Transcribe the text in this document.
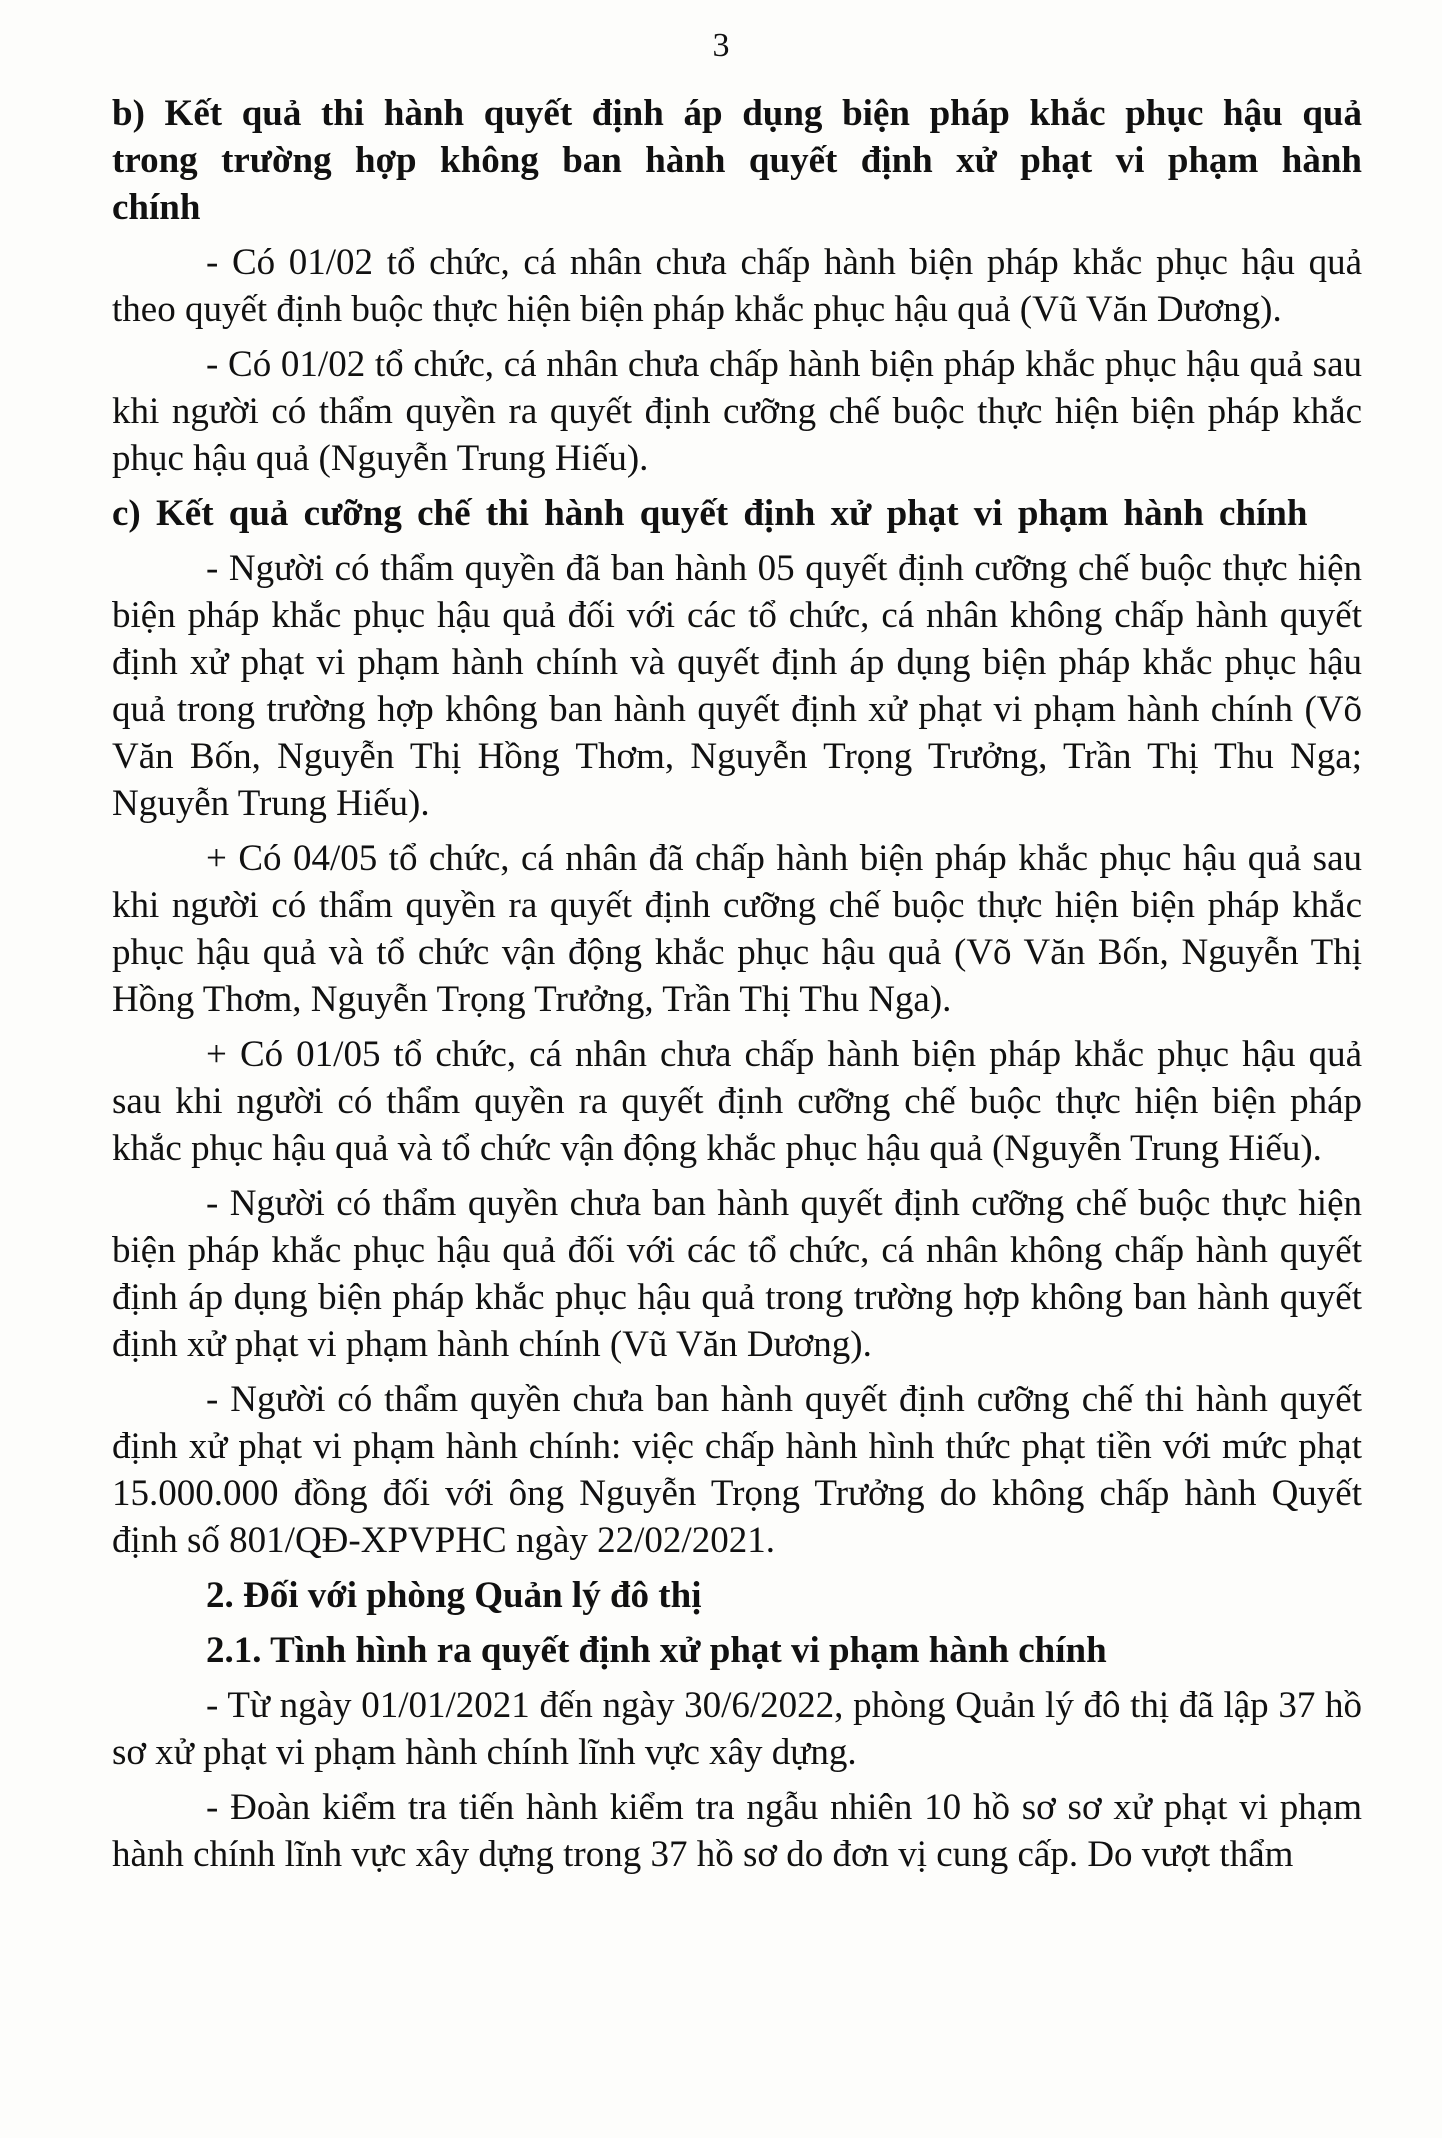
3

b) Kết quả thi hành quyết định áp dụng biện pháp khắc phục hậu quả trong trường hợp không ban hành quyết định xử phạt vi phạm hành chính

- Có 01/02 tổ chức, cá nhân chưa chấp hành biện pháp khắc phục hậu quả theo quyết định buộc thực hiện biện pháp khắc phục hậu quả (Vũ Văn Dương).

- Có 01/02 tổ chức, cá nhân chưa chấp hành biện pháp khắc phục hậu quả sau khi người có thẩm quyền ra quyết định cưỡng chế buộc thực hiện biện pháp khắc phục hậu quả (Nguyễn Trung Hiếu).

c) Kết quả cưỡng chế thi hành quyết định xử phạt vi phạm hành chính

- Người có thẩm quyền đã ban hành 05 quyết định cưỡng chế buộc thực hiện biện pháp khắc phục hậu quả đối với các tổ chức, cá nhân không chấp hành quyết định xử phạt vi phạm hành chính và quyết định áp dụng biện pháp khắc phục hậu quả trong trường hợp không ban hành quyết định xử phạt vi phạm hành chính (Võ Văn Bốn, Nguyễn Thị Hồng Thơm, Nguyễn Trọng Trưởng, Trần Thị Thu Nga; Nguyễn Trung Hiếu).

+ Có 04/05 tổ chức, cá nhân đã chấp hành biện pháp khắc phục hậu quả sau khi người có thẩm quyền ra quyết định cưỡng chế buộc thực hiện biện pháp khắc phục hậu quả và tổ chức vận động khắc phục hậu quả (Võ Văn Bốn, Nguyễn Thị Hồng Thơm, Nguyễn Trọng Trưởng, Trần Thị Thu Nga).

+ Có 01/05 tổ chức, cá nhân chưa chấp hành biện pháp khắc phục hậu quả sau khi người có thẩm quyền ra quyết định cưỡng chế buộc thực hiện biện pháp khắc phục hậu quả và tổ chức vận động khắc phục hậu quả (Nguyễn Trung Hiếu).

- Người có thẩm quyền chưa ban hành quyết định cưỡng chế buộc thực hiện biện pháp khắc phục hậu quả đối với các tổ chức, cá nhân không chấp hành quyết định áp dụng biện pháp khắc phục hậu quả trong trường hợp không ban hành quyết định xử phạt vi phạm hành chính (Vũ Văn Dương).

- Người có thẩm quyền chưa ban hành quyết định cưỡng chế thi hành quyết định xử phạt vi phạm hành chính: việc chấp hành hình thức phạt tiền với mức phạt 15.000.000 đồng đối với ông Nguyễn Trọng Trưởng do không chấp hành Quyết định số 801/QĐ-XPVPHC ngày 22/02/2021.

2. Đối với phòng Quản lý đô thị

2.1. Tình hình ra quyết định xử phạt vi phạm hành chính

- Từ ngày 01/01/2021 đến ngày 30/6/2022, phòng Quản lý đô thị đã lập 37 hồ sơ xử phạt vi phạm hành chính lĩnh vực xây dựng.

- Đoàn kiểm tra tiến hành kiểm tra ngẫu nhiên 10 hồ sơ sơ xử phạt vi phạm hành chính lĩnh vực xây dựng trong 37 hồ sơ do đơn vị cung cấp. Do vượt thẩm
